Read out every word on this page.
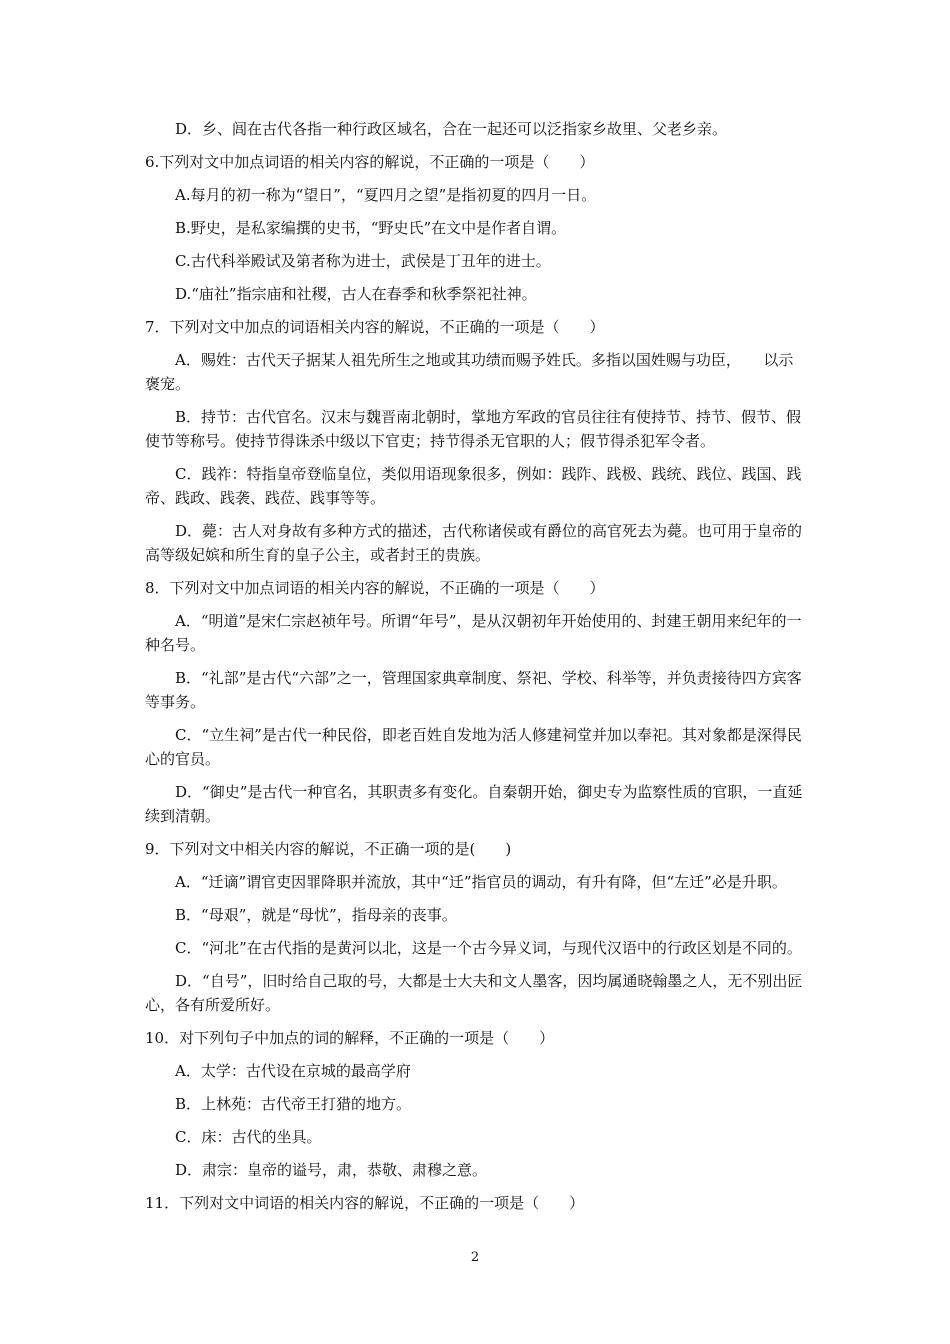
D．乡、闾在古代各指一种行政区域名，合在一起还可以泛指家乡故里、父老乡亲。

6.下列对文中加点词语的相关内容的解说，不正确的一项是（　　）

A.每月的初一称为“望日”，“夏四月之望”是指初夏的四月一日。

B.野史，是私家编撰的史书，“野史氏”在文中是作者自谓。

C.古代科举殿试及第者称为进士，武侯是丁丑年的进士。

D.“庙社”指宗庙和社稷，古人在春季和秋季祭祀社神。

7．下列对文中加点的词语相关内容的解说，不正确的一项是（　　）

A．赐姓：古代天子据某人祖先所生之地或其功绩而赐予姓氏。多指以国姓赐与功臣，　　以示褒宠。

B．持节：古代官名。汉末与魏晋南北朝时，掌地方军政的官员往往有使持节、持节、假节、假使节等称号。使持节得诛杀中级以下官吏；持节得杀无官职的人；假节得杀犯军令者。

C．践祚：特指皇帝登临皇位，类似用语现象很多，例如：践阼、践极、践统、践位、践国、践帝、践政、践袭、践莅、践事等等。

D．薨：古人对身故有多种方式的描述，古代称诸侯或有爵位的高官死去为薨。也可用于皇帝的高等级妃嫔和所生育的皇子公主，或者封王的贵族。

8．下列对文中加点词语的相关内容的解说，不正确的一项是（　　）

A．“明道”是宋仁宗赵祯年号。所谓“年号”，是从汉朝初年开始使用的、封建王朝用来纪年的一种名号。

B．“礼部”是古代“六部”之一，管理国家典章制度、祭祀、学校、科举等，并负责接待四方宾客等事务。

C．“立生祠”是古代一种民俗，即老百姓自发地为活人修建祠堂并加以奉祀。其对象都是深得民心的官员。

D．“御史”是古代一种官名，其职责多有变化。自秦朝开始，御史专为监察性质的官职，一直延续到清朝。

9．下列对文中相关内容的解说，不正确一项的是(　　)

A．“迁谪”谓官吏因罪降职并流放，其中“迁”指官员的调动，有升有降，但“左迁”必是升职。

B．“母艰”，就是“母忧”，指母亲的丧事。

C．“河北”在古代指的是黄河以北，这是一个古今异义词，与现代汉语中的行政区划是不同的。

D．“自号”，旧时给自己取的号，大都是士大夫和文人墨客，因均属通晓翰墨之人，无不别出匠心，各有所爱所好。

10．对下列句子中加点的词的解释，不正确的一项是（　　）

A．太学：古代设在京城的最高学府

B．上林苑：古代帝王打猎的地方。

C．床：古代的坐具。

D．肃宗：皇帝的谥号，肃，恭敬、肃穆之意。

11．下列对文中词语的相关内容的解说，不正确的一项是（　　）

2
